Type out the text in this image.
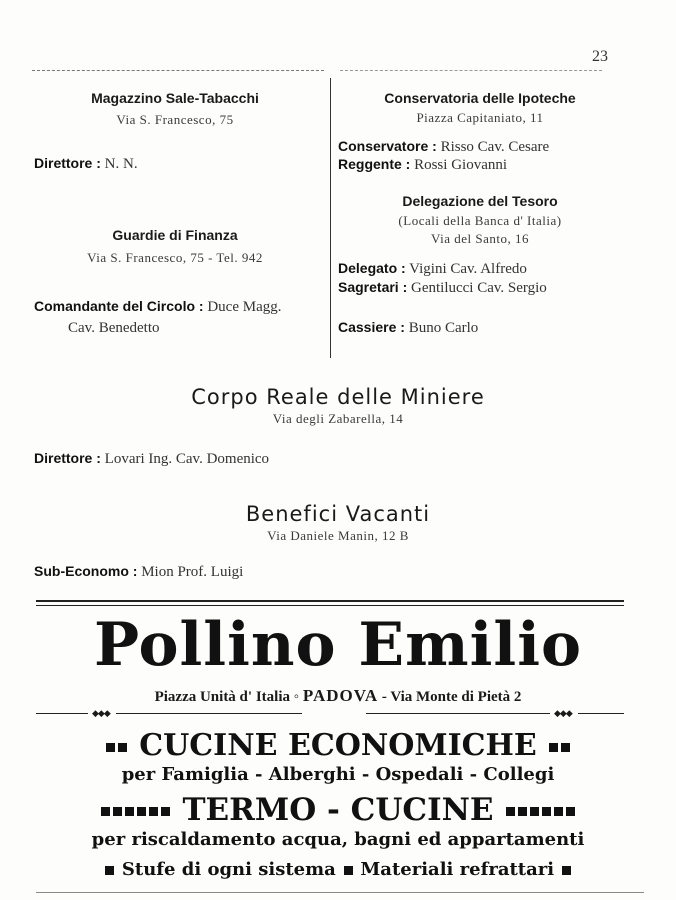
23
Magazzino Sale-Tabacchi
Via S. Francesco, 75
Direttore : N. N.
Guardie di Finanza
Via S. Francesco, 75 - Tel. 942
Comandante del Circolo : Duce Magg.
Cav. Benedetto
Conservatoria delle Ipoteche
Piazza Capitaniato, 11
Conservatore : Risso Cav. Cesare
Reggente : Rossi Giovanni
Delegazione del Tesoro
(Locali della Banca d' Italia)
Via del Santo, 16
Delegato : Vigini Cav. Alfredo
Sagretari : Gentilucci Cav. Sergio
Cassiere : Buno Carlo
Corpo Reale delle Miniere
Via degli Zabarella, 14
Direttore : Lovari Ing. Cav. Domenico
Benefici Vacanti
Via Daniele Manin, 12 B
Sub-Economo : Mion Prof. Luigi
Pollino Emilio
Piazza Unità d' Italia ◦ PADOVA - Via Monte di Pietà 2
◆◆◆	◆◆◆
CUCINE ECONOMICHE
per Famiglia - Alberghi - Ospedali - Collegi
TERMO - CUCINE
per riscaldamento acqua, bagni ed appartamenti
Stufe di ogni sistema Materiali refrattari
